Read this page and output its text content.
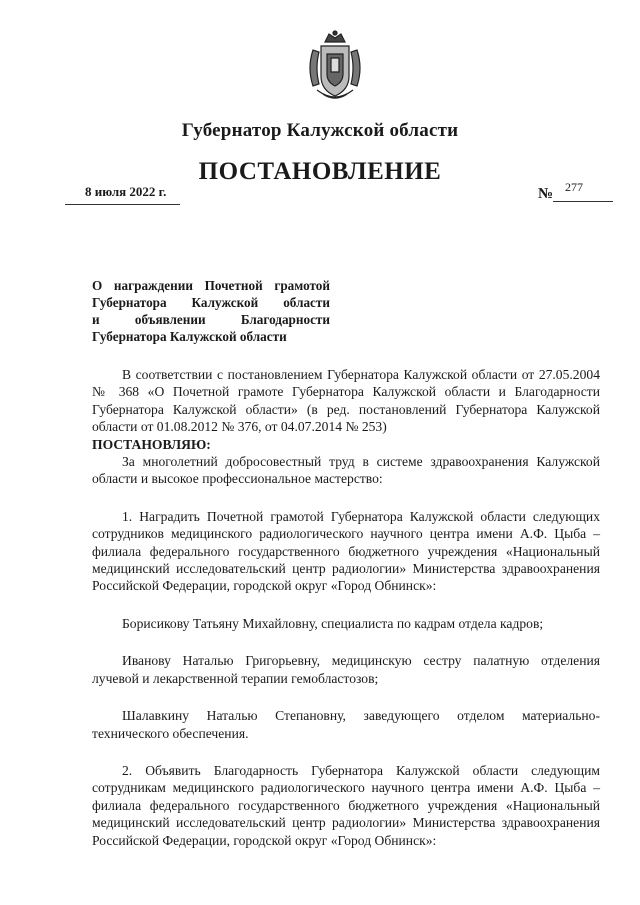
Губернатор Калужской области
ПОСТАНОВЛЕНИЕ
8 июля 2022 г.	№ 277
О награждении Почетной грамотой
Губернатора Калужской области
и объявлении Благодарности
Губернатора Калужской области

В соответствии с постановлением Губернатора Калужской области от 27.05.2004 № 368 «О Почетной грамоте Губернатора Калужской области и Благодарности Губернатора Калужской области» (в ред. постановлений Губернатора Калужской области от 01.08.2012 № 376, от 04.07.2014 № 253)

ПОСТАНОВЛЯЮ:

За многолетний добросовестный труд в системе здравоохранения Калужской области и высокое профессиональное мастерство:

1. Наградить Почетной грамотой Губернатора Калужской области следующих сотрудников медицинского радиологического научного центра имени А.Ф. Цыба – филиала федерального государственного бюджетного учреждения «Национальный медицинский исследовательский центр радиологии» Министерства здравоохранения Российской Федерации, городской округ «Город Обнинск»:

Борисикову Татьяну Михайловну, специалиста по кадрам отдела кадров;

Иванову Наталью Григорьевну, медицинскую сестру палатную отделения лучевой и лекарственной терапии гемобластозов;

Шалавкину Наталью Степановну, заведующего отделом материально-технического обеспечения.

2. Объявить Благодарность Губернатора Калужской области следующим сотрудникам медицинского радиологического научного центра имени А.Ф. Цыба – филиала федерального государственного бюджетного учреждения «Национальный медицинский исследовательский центр радиологии» Министерства здравоохранения Российской Федерации, городской округ «Город Обнинск»:
